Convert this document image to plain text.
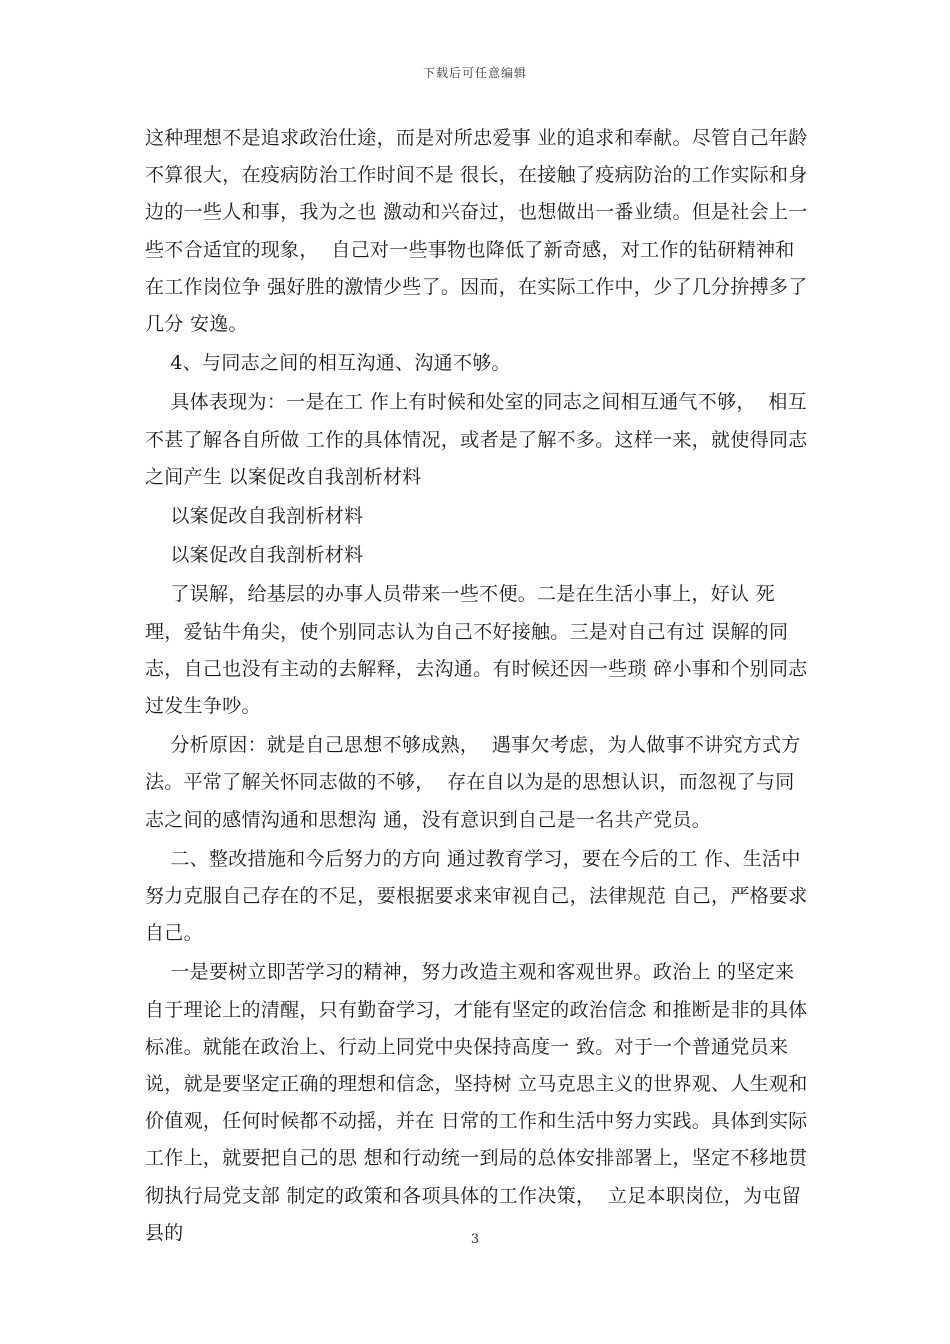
下载后可任意编辑

这种理想不是追求政治仕途，而是对所忠爱事 业的追求和奉献。尽管自己年龄不算很大，在疫病防治工作时间不是 很长，在接触了疫病防治的工作实际和身边的一些人和事，我为之也 激动和兴奋过，也想做出一番业绩。但是社会上一些不合适宜的现象，  自己对一些事物也降低了新奇感，对工作的钻研精神和在工作岗位争 强好胜的激情少些了。因而，在实际工作中，少了几分拚搏多了几分 安逸。

4、与同志之间的相互沟通、沟通不够。

具体表现为：一是在工 作上有时候和处室的同志之间相互通气不够，  相互不甚了解各自所做 工作的具体情况，或者是了解不多。这样一来，就使得同志之间产生 以案促改自我剖析材料

以案促改自我剖析材料

以案促改自我剖析材料

了误解，给基层的办事人员带来一些不便。二是在生活小事上，好认 死理，爱钻牛角尖，使个别同志认为自己不好接触。三是对自己有过 误解的同志，自己也没有主动的去解释，去沟通。有时候还因一些琐 碎小事和个别同志过发生争吵。

分析原因：就是自己思想不够成熟，  遇事欠考虑，为人做事不讲究方式方法。平常了解关怀同志做的不够，  存在自以为是的思想认识，而忽视了与同志之间的感情沟通和思想沟 通，没有意识到自己是一名共产党员。

二、整改措施和今后努力的方向 通过教育学习，要在今后的工 作、生活中努力克服自己存在的不足，要根据要求来审视自己，法律规范 自己，严格要求自己。

一是要树立即苦学习的精神，努力改造主观和客观世界。政治上 的坚定来自于理论上的清醒，只有勤奋学习，才能有坚定的政治信念 和推断是非的具体标准。就能在政治上、行动上同党中央保持高度一 致。对于一个普通党员来说，就是要坚定正确的理想和信念，坚持树 立马克思主义的世界观、人生观和价值观，任何时候都不动摇，并在 日常的工作和生活中努力实践。具体到实际工作上，就要把自己的思 想和行动统一到局的总体安排部署上，坚定不移地贯彻执行局党支部 制定的政策和各项具体的工作决策，  立足本职岗位，为屯留县的	3
